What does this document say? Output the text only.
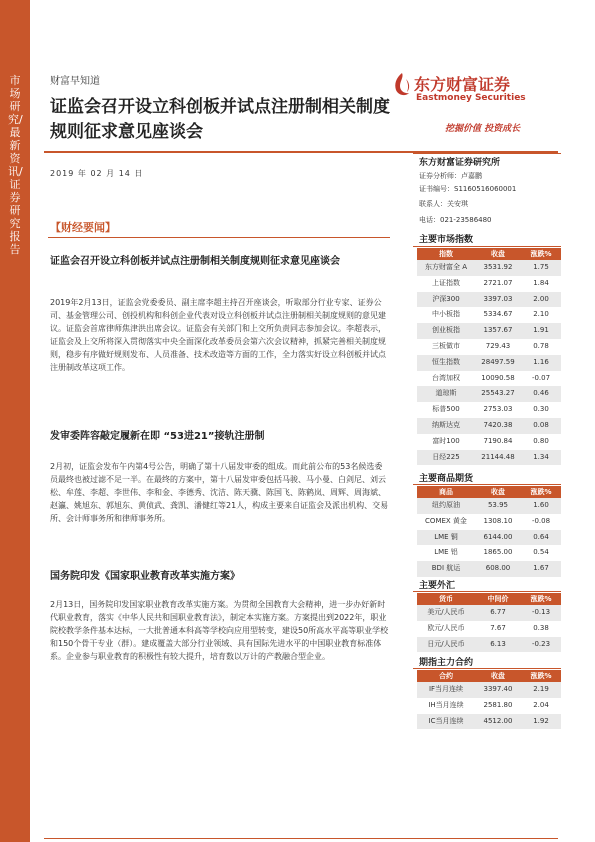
市场研究/最新资讯/证券研究报告
财富早知道
证监会召开设立科创板并试点注册制相关制度规则征求意见座谈会
东方财富证券
Eastmoney Securities
挖掘价值 投资成长
2019 年 02 月 14 日
【财经要闻】
证监会召开设立科创板并试点注册制相关制度规则征求意见座谈会
2019年2月13日，证监会党委委员、副主席李超主持召开座谈会，听取部分行业专家、证券公司、基金管理公司、创投机构和科创企业代表对设立科创板并试点注册制相关制度规则的意见建议。证监会首席律师焦津洪出席会议。证监会有关部门和上交所负责同志参加会议。李超表示，证监会及上交所将深入贯彻落实中央全面深化改革委员会第六次会议精神，抓紧完善相关制度规则，稳步有序做好规则发布、人员准备、技术改造等方面的工作，全力落实好设立科创板并试点注册制改革这项工作。
发审委阵容敲定履新在即 “53进21”接轨注册制
2月初，证监会发布午内第4号公告，明确了第十八届发审委的组成。而此前公布的53名候选委员最终也被过滤不足一半。在最终的方案中，第十八届发审委包括马骏、马小曼、白剑尼、刘云松、牟莲、李超、李世伟、李和金、李德秀、沈洁、陈天骥、陈国飞、陈鹤岚、周辉、周海斌、赵瀛、姚旭东、郭旭东、黄侦武、龚凯、潘健红等21人，构成主要来自证监会及派出机构、交易所、会计师事务所和律师事务所。
国务院印发《国家职业教育改革实施方案》
2月13日，国务院印发国家职业教育改革实施方案。为贯彻全国教育大会精神，进一步办好新时代职业教育，落实《中华人民共和国职业教育法》，制定本实施方案。方案提出到2022年，职业院校教学条件基本达标，一大批普通本科高等学校向应用型转变，建设50所高水平高等职业学校和150个骨干专业（群）。建成覆盖大部分行业领域、具有国际先进水平的中国职业教育标准体系。企业参与职业教育的积极性有较大提升，培育数以万计的产教融合型企业。
东方财富证券研究所
证券分析师：卢嘉鹏
证书编号：S1160516060001
联系人：关安琪
电话：021-23586480
主要市场指数
指数	收盘	涨跌%
东方财富全 A	3531.92	1.75
上证指数	2721.07	1.84
沪深300	3397.03	2.00
中小板指	5334.67	2.10
创业板指	1357.67	1.91
三板做市	729.43	0.78
恒生指数	28497.59	1.16
台湾加权	10090.58	-0.07
道琼斯	25543.27	0.46
标普500	2753.03	0.30
纳斯达克	7420.38	0.08
富时100	7190.84	0.80
日经225	21144.48	1.34
主要商品期货
商品	收盘	涨跌%
纽约原油	53.95	1.60
COMEX 黄金	1308.10	-0.08
LME 铜	6144.00	0.64
LME 铝	1865.00	0.54
BDI 航运	608.00	1.67
主要外汇
货币	中间价	涨跌%
美元/人民币	6.77	-0.13
欧元/人民币	7.67	0.38
日元/人民币	6.13	-0.23
期指主力合约
合约	收盘	涨跌%
IF当月连续	3397.40	2.19
IH当月连续	2581.80	2.04
IC当月连续	4512.00	1.92
